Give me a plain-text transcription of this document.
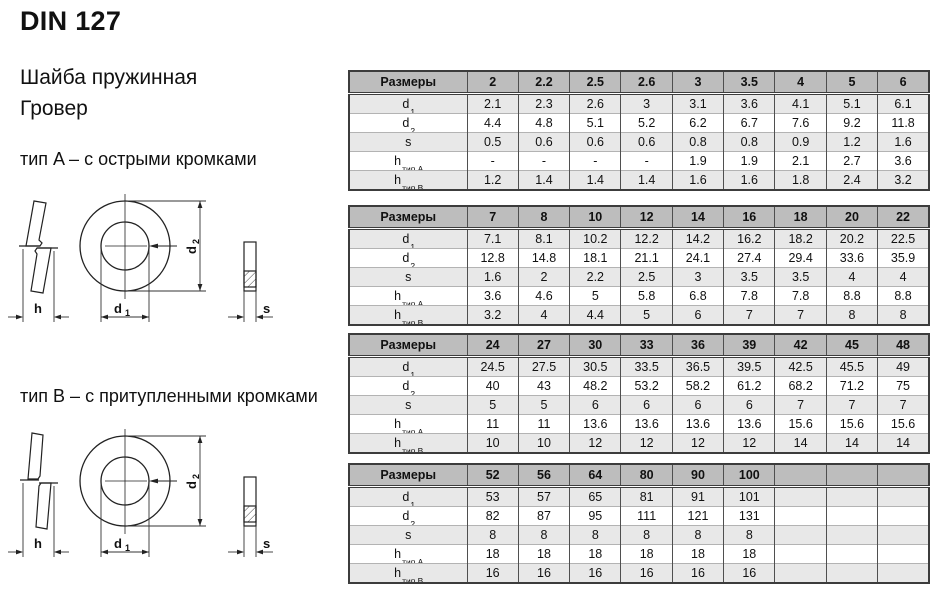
DIN 127
Шайба пружинная
Гровер
тип A – с острыми кромками
тип B – с притупленными кромками
h	d 1
d
2
s
h	d 1
d
2
s
Размеры	2	2.2	2.5	2.6	3	3.5	4	5	6
$d_1$	2.1	2.3	2.6	3	3.1	3.6	4.1	5.1	6.1
$d_2$	4.4	4.8	5.1	5.2	6.2	6.7	7.6	9.2	11.8
s	0.5	0.6	0.6	0.6	0.8	0.8	0.9	1.2	1.6
$h_{тип A}$	-	-	-	-	1.9	1.9	2.1	2.7	3.6
$h_{тип B}$	1.2	1.4	1.4	1.4	1.6	1.6	1.8	2.4	3.2
Размеры	7	8	10	12	14	16	18	20	22
$d_1$	7.1	8.1	10.2	12.2	14.2	16.2	18.2	20.2	22.5
$d_2$	12.8	14.8	18.1	21.1	24.1	27.4	29.4	33.6	35.9
s	1.6	2	2.2	2.5	3	3.5	3.5	4	4
$h_{тип A}$	3.6	4.6	5	5.8	6.8	7.8	7.8	8.8	8.8
$h_{тип B}$	3.2	4	4.4	5	6	7	7	8	8
Размеры	24	27	30	33	36	39	42	45	48
$d_1$	24.5	27.5	30.5	33.5	36.5	39.5	42.5	45.5	49
$d_2$	40	43	48.2	53.2	58.2	61.2	68.2	71.2	75
s	5	5	6	6	6	6	7	7	7
$h_{тип A}$	11	11	13.6	13.6	13.6	13.6	15.6	15.6	15.6
$h_{тип B}$	10	10	12	12	12	12	14	14	14
Размеры	52	56	64	80	90	100			
$d_1$	53	57	65	81	91	101			
$d_2$	82	87	95	111	121	131			
s	8	8	8	8	8	8			
$h_{тип A}$	18	18	18	18	18	18			
$h_{тип B}$	16	16	16	16	16	16			
